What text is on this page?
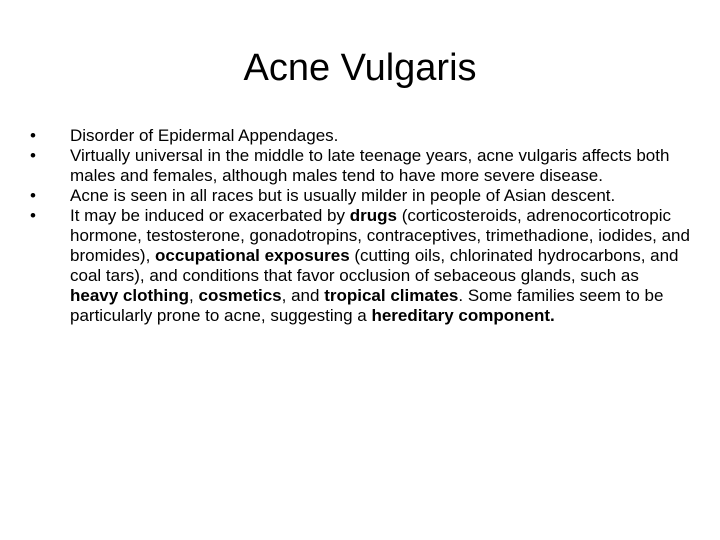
Acne Vulgaris
•	Disorder of Epidermal Appendages.
•	Virtually universal in the middle to late teenage years, acne vulgaris affects both males and females, although males tend to have more severe disease.
•	Acne is seen in all races but is usually milder in people of Asian descent.
•	It may be induced or exacerbated by drugs (corticosteroids, adrenocorticotropic hormone, testosterone, gonadotropins, contraceptives, trimethadione, iodides, and bromides), occupational exposures (cutting oils, chlorinated hydrocarbons, and coal tars), and conditions that favor occlusion of sebaceous glands, such as heavy clothing, cosmetics, and tropical climates. Some families seem to be particularly prone to acne, suggesting a hereditary component.
